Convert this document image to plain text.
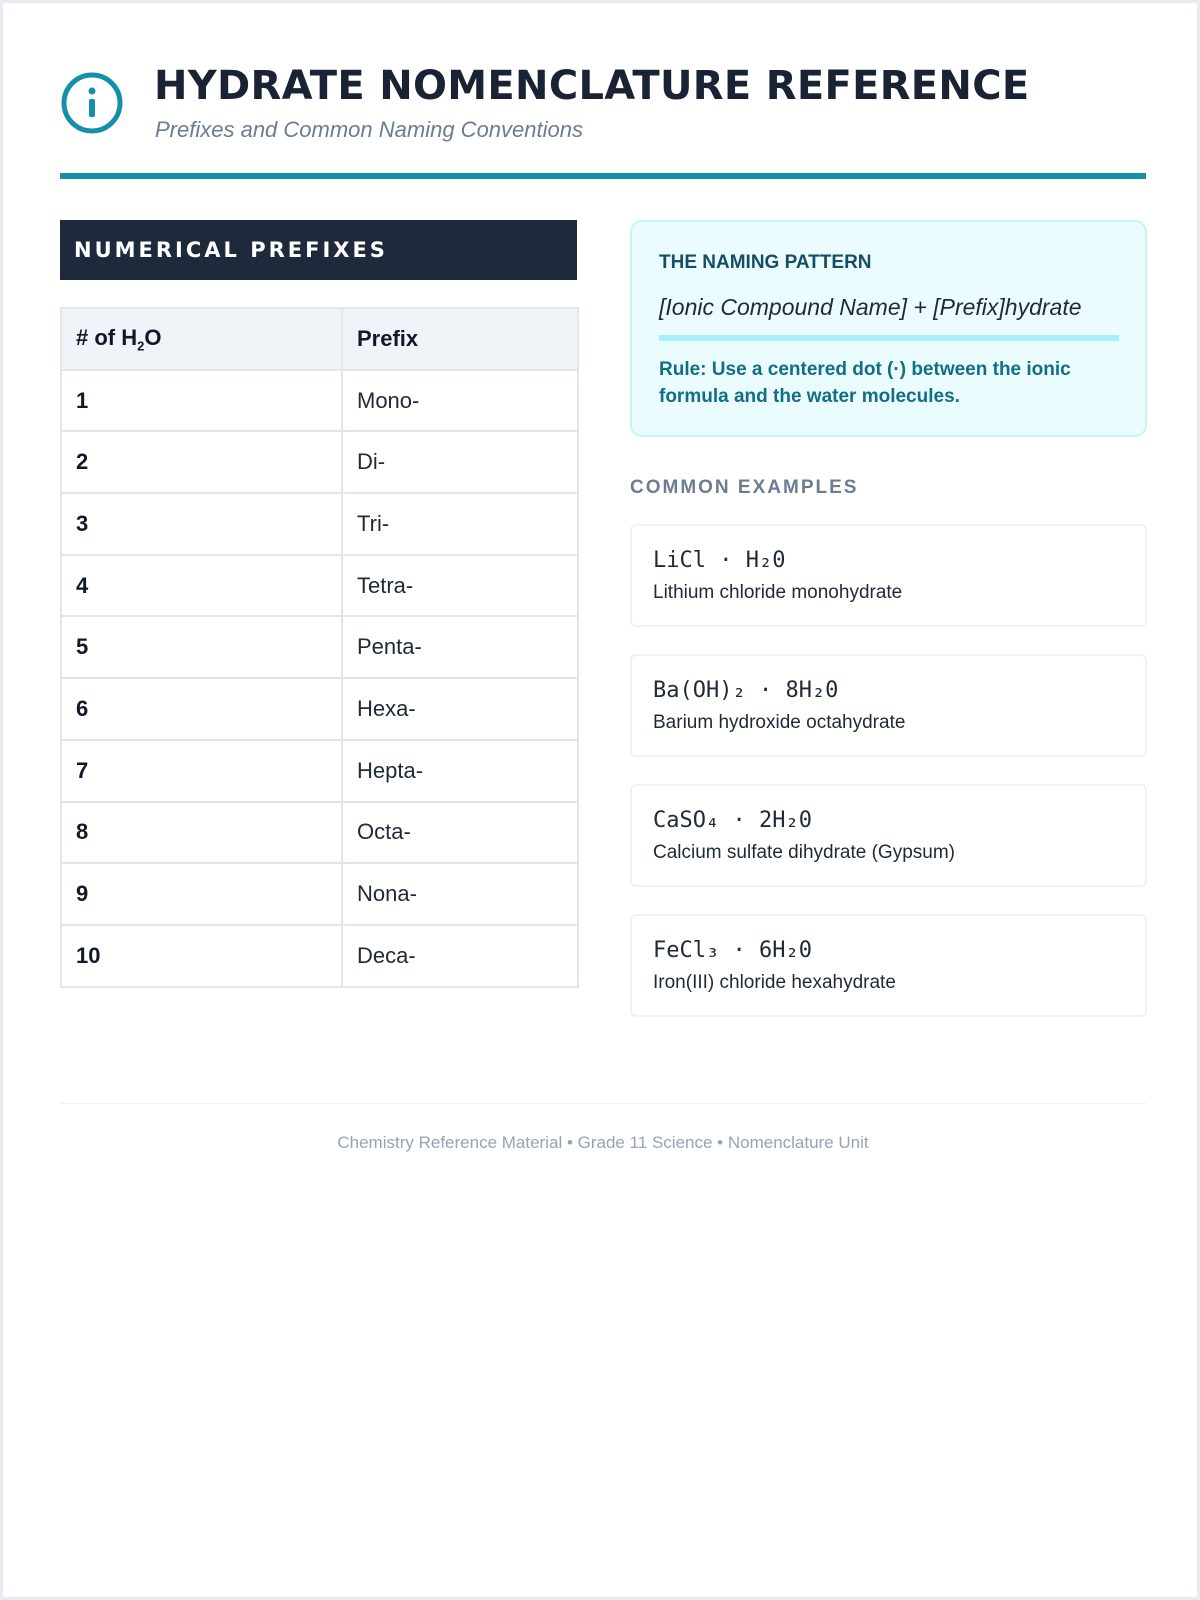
HYDRATE NOMENCLATURE REFERENCE
Prefixes and Common Naming Conventions
NUMERICAL PREFIXES
# of $H_2O$	Prefix
1	Mono-
2	Di-
3	Tri-
4	Tetra-
5	Penta-
6	Hexa-
7	Hepta-
8	Octa-
9	Nona-
10	Deca-
THE NAMING PATTERN
[Ionic Compound Name] + [Prefix]hydrate
Rule: Use a centered dot (·) between the ionic formula and the water molecules.
COMMON EXAMPLES
LiCl · H₂0
Lithium chloride monohydrate
Ba(OH)₂ · 8H₂0
Barium hydroxide octahydrate
CaSO₄ · 2H₂0
Calcium sulfate dihydrate (Gypsum)
FeCl₃ · 6H₂0
Iron(III) chloride hexahydrate
Chemistry Reference Material • Grade 11 Science • Nomenclature Unit
